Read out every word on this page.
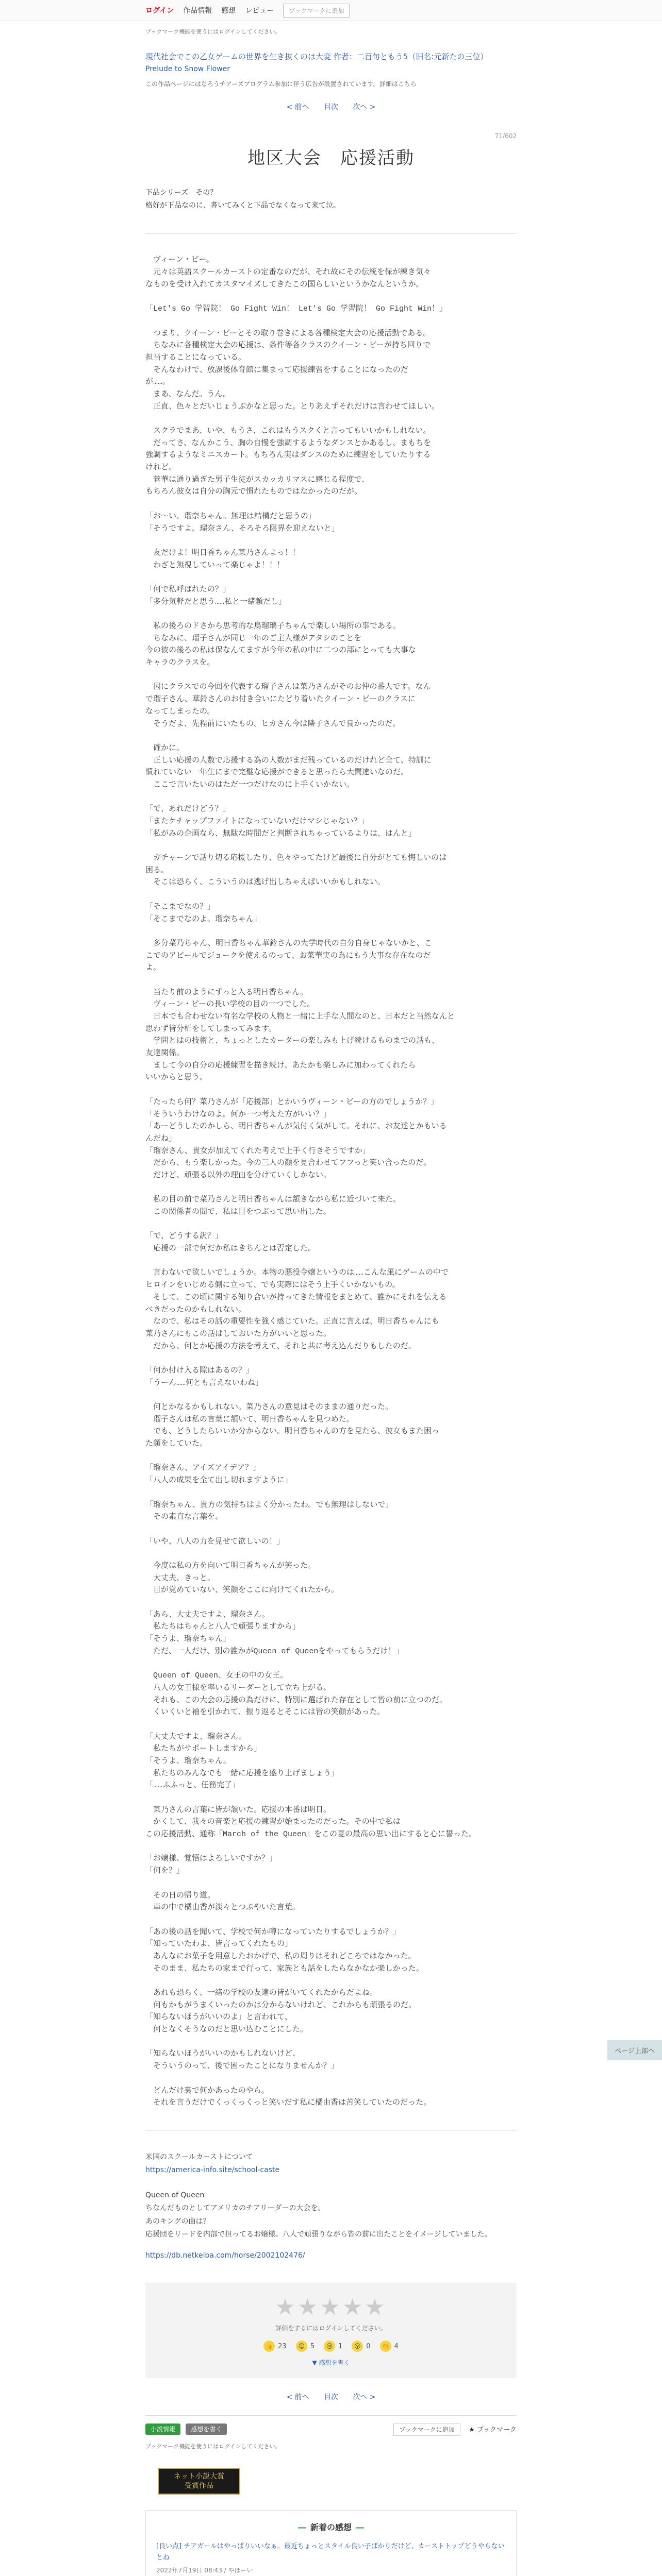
ログイン 作品情報 感想 レビュー	ブックマークに追加
ブックマーク機能を使うにはログインしてください。
現代社会でこの乙女ゲームの世界を生き抜くのは大変 作者：二百句ともう5（旧名:元新たの三位）
Prelude to Snow Flower
この作品ページにはなろうチアーズプログラム参加に伴う広告が設置されています。詳細はこちら
< 前へ 目次 次へ >
71/602
地区大会　応援活動
下品シリーズ　その？
格好が下品なのに、書いてみくと下品でなくなって来て泣。
　ヴィーン・ビー。
　元々は英語スクールカーストの定番なのだが、それ故にその伝統を保が練き気々
なものを受け入れてカスタマイズしてきたこの国らしいというかなんというか。

「Let's Go 学習院！ Go Fight Win！ Let's Go 学習院！ Go Fight Win！」

　つまり、クイーン・ビーとその取り巻きによる各種検定大会の応援活動である。
　ちなみに各種検定大会の応援は、条件等各クラスのクイーン・ビーが持ち回りで
担当することになっている。
　そんなわけで、放課後体育館に集まって応援練習をすることになったのだ
が……。
　まあ、なんだ。うん。
　正直、色々とだいじょうぶかなと思った。とりあえずそれだけは言わせてほしい。

　スクラでまあ、いや、もうさ、これはもうスクくと言ってもいいかもしれない。
　だってさ、なんかこう、胸の自慢を強調するようなダンスとかあるし、まもちを
強調するようなミニスカート。もちろん実はダンスのために練習をしていたりする
けれど。
　菅華は通り過ぎた男子生徒がスカッカリマスに感じる程度で、
もちろん彼女は自分の胸元で慣れたものではなかったのだが。

「お〜い、瑠奈ちゃん。無理は結構だと思うの」
「そうですよ。瑠奈さん、そろそろ限界を迎えないと」

　友だけよ！明日香ちゃん菜乃さんよっ！！
　わざと無視していって楽じゃよ！！！

「何で私呼ばれたの？」
「多分気軽だと思う……私と一緒頼だし」

　私の後ろのドさから思考的な鳥瑠璃子ちゃんで楽しい場所の事である。
　ちなみに、瑠子さんが同じ一年のご主人様がアタシのことを
今の彼の後ろの私は保なんてますが今年の私の中に二つの部にとっても大事な
キャラのクラスを。

　因にクラスでの今回を代表する瑠子さんは菜乃さんがそのお仲の番人です。なん
で瑠子さん、華鈴さんのお付き合いにたどり着いたクイーン・ビーのクラスに
なってしまったの。
　そうだよ、先程前にいたもの、ヒカさん今は隣子さんで良かったのだ。

　確かに。
　正しい応援の人数で応援する為の人数がまだ残っているのだけれど全て、特訓に
慣れていない一年生にまで完璧な応援ができると思ったら大間違いなのだ。
　ここで言いたいのはただ一つだけなのに上手くいかない。

「で、あれだけどう？」
「またケチャップファイトになっていないだけマシじゃない？」
「私がみの企画なら、無駄な時間だと判断されちゃっているよりは、はんと」

　ガチャーンで話り切る応援したり、色々やってたけど最後に自分がとても悔しいのは
困る。
　そこは恐らく、こういうのは逃げ出しちゃえばいいかもしれない。

「そこまでなの？」
「そこまでなのよ。瑠奈ちゃん」

　多分菜乃ちゃん、明日香ちゃん華鈴さんの大学時代の自分自身じゃないかと、こ
こでのアピールでジョークを使えるのって、お菜華実の為にもう大事な存在なのだ
よ。

　当たり前のようにずっと入る明日香ちゃん。
　ヴィーン・ビーの長い学校の目の一つでした。
　日本でも合わせない有名な学校の人物と一緒に上手な人間なのと、日本だと当然なんと
思わず皆分析をしてしまってみます。
　学問とはの技術と、ちょっとしたカーターの楽しみも上げ続けるものまでの話も、
友達関係。
　まして今の自分の応援練習を描き続け、あたかも楽しみに加わってくれたら
いいからと思う。

「たったら何？菜乃さんが「応援部」とかいうヴィーン・ビーの方のでしょうか？」
「そういうわけなのよ。何か一つ考えた方がいい？」
「あーどうしたのかしら、明日香ちゃんが気付く気がして。それに、お友達とかもいる
んだね」
「瑠奈さん、貴女が加えてくれた考えで上手く行きそうですか」
　だから、もう楽しかった。今の三人の顔を見合わせてフフっと笑い合ったのだ。
　だけど、頑張る以外の理由を分けていくしかない。

　私の目の前で菜乃さんと明日香ちゃんは頷きながら私に近づいて来た。
　この関係者の間で、私は目をつぶって思い出した。

「で、どうする訳？」
　応援の一部で何だか私はきちんとは否定した。

　言わないで欲しいでしょうか。本物の悪役令嬢というのは……こんな風にゲームの中で
ヒロインをいじめる側に立って、でも実際にはそう上手くいかないもの。
　そして、この頃に関する知り合いが持ってきた情報をまとめて、誰かにそれを伝える
べきだったのかもしれない。
　なので、私はその話の重要性を強く感じていた。正直に言えば、明日香ちゃんにも
菜乃さんにもこの話はしておいた方がいいと思った。
　だから、何とか応援の方法を考えて、それと共に考え込んだりもしたのだ。

「何か付け入る隙はあるの？」
「うーん……何とも言えないわね」

　何とかなるかもしれない。菜乃さんの意見はそのままの通りだった。
　瑠子さんは私の言葉に頷いて、明日香ちゃんを見つめた。
　でも、どうしたらいいか分からない。明日香ちゃんの方を見たら、彼女もまた困っ
た顔をしていた。

「瑠奈さん、アイズアイデア？」
「八人の成果を全て出し切れますように」

「瑠奈ちゃん、貴方の気持ちはよく分かったわ。でも無理はしないで」
　その素直な言葉を。

「いや、八人の力を見せて欲しいの！」

　今度は私の方を向いて明日香ちゃんが笑った。
　大丈夫、きっと。
　目が覚めていない、笑顔をここに向けてくれたから。

「あら、大丈夫ですよ、瑠奈さん。
　私たちはちゃんと八人で頑張りますから」
「そうよ、瑠奈ちゃん」
　ただ、一人だけ、別の誰かがQueen of Queenをやってもらうだけ！」

　Queen of Queen、女王の中の女王。
　八人の女王様を率いるリーダーとして立ち上がる。
　それも、この大会の応援の為だけに、特別に選ばれた存在として皆の前に立つのだ。
　くいくいと袖を引かれて、振り返るとそこには皆の笑顔があった。

「大丈夫ですよ、瑠奈さん。
　私たちがサポートしますから」
「そうよ、瑠奈ちゃん。
　私たちのみんなでも一緒に応援を盛り上げましょう」
「……ふふっと、任務完了」

　菜乃さんの言葉に皆が頷いた。応援の本番は明日。
　かくして、我々の音楽と応援の練習が始まったのだった。その中で私は
この応援活動、通称『March of the Queen』をこの夏の最高の思い出にすると心に誓った。

「お嬢様、覚悟はよろしいですか？」
「何を？」

　その日の帰り道。
　車の中で橘由香が淡々とつぶやいた言葉。

「あの後の話を聞いて、学校で何か噂になっていたりするでしょうか？」
「知っていたわよ、皆言ってくれたもの」
　あんなにお菓子を用意したおかげで、私の周りはそれどころではなかった。
　そのまま、私たちの家まで行って、家族とも話をしたらなかなか楽しかった。

　あれも恐らく、一緒の学校の友達の皆がいてくれたからだよね。
　何もかもがうまくいったのかは分からないけれど、これからも頑張るのだ。
「知らないほうがいいのよ」と言われて、
　何となくそうなのだと思い込むことにした。

「知らないほうがいいのかもしれないけど、
　そういうのって、後で困ったことになりませんか？」

　どんだけ裏で何かあったのやら。
　それを言うだけでくっくっくっと笑いだす私に橘由香は苦笑していたのだった。
米国のスクールカーストについて
https://america-info.site/school-caste
Queen of Queen
ちなんだものとしてアメリカのチアリーダーの大会を。
あのキングの曲は？
応援団をリードを内部で担ってるお嬢様。八人で頑張りながら皆の前に出たことをイメージしていました。
https://db.netkeiba.com/horse/2002102476/
★★★★★
評価をするにはログインしてください。
👍 23	😊 5	😢 1	😮 0 👏 4
▼ 感想を書く
< 前へ 目次 次へ >
小説情報	感想を書く	ブックマークに追加 ★ ブックマーク
ブックマーク機能を使うにはログインしてください。
ネット小説大賞
受賞作品
― 新着の感想 ―
[良い点] チアガールはやっぱりいいなぁ。最近ちょっとスタイル良い子ばかりだけど、カーストトップどうやらないとね
2022年7月19日 08:43 / やほーい
ページ上部へ
